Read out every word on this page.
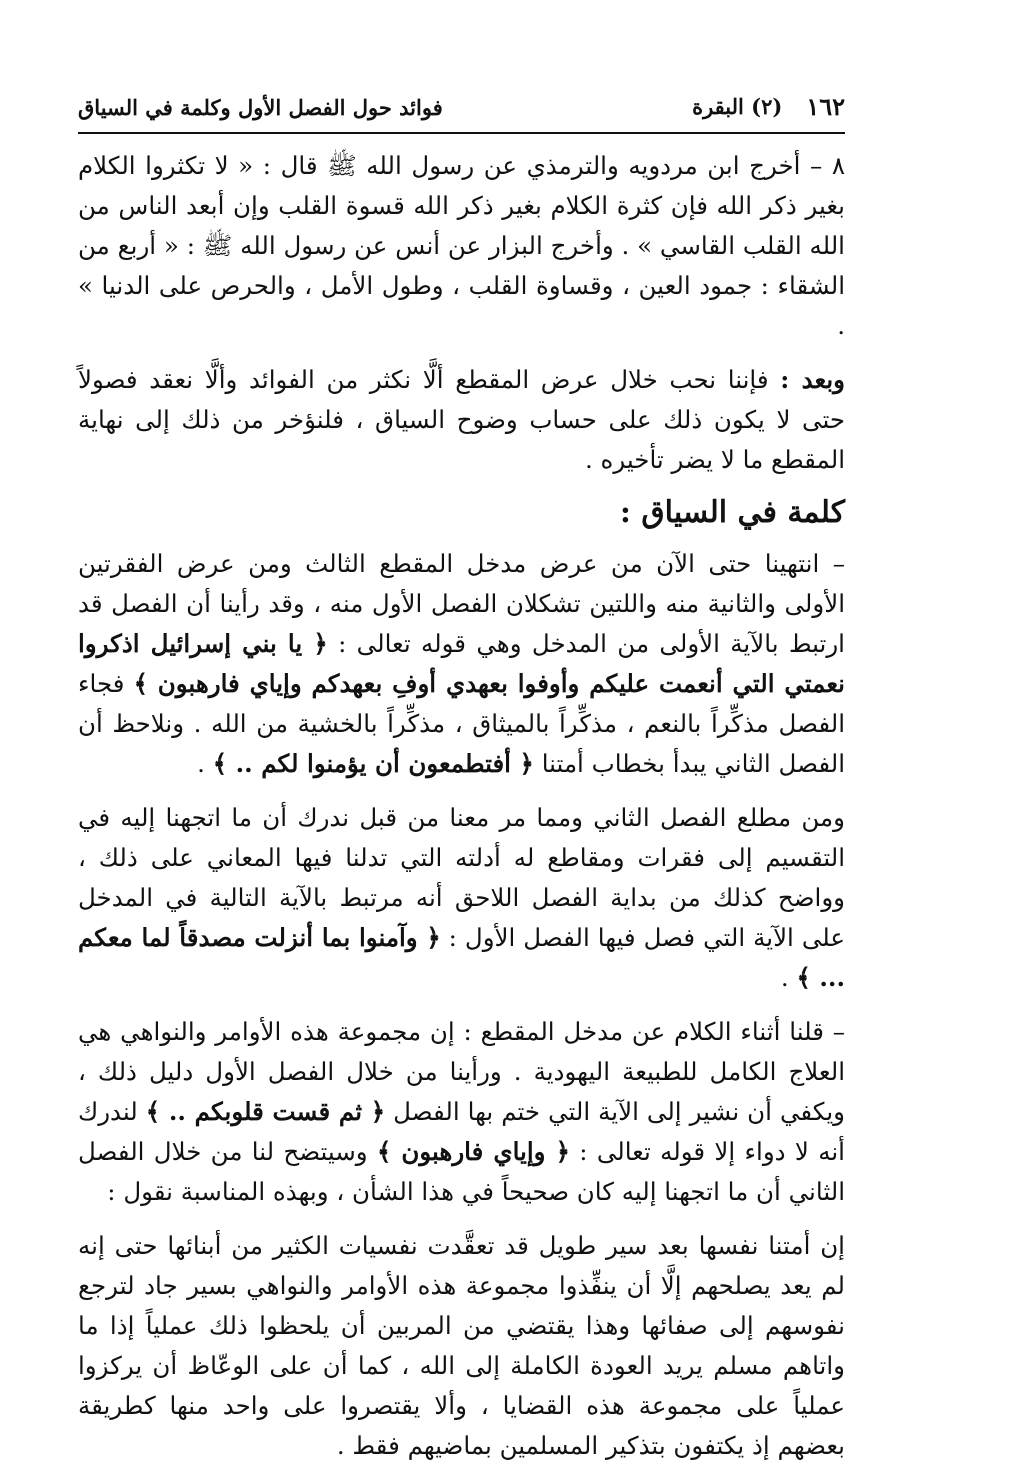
١٦٢
(٢) البقرة
فوائد حول الفصل الأول وكلمة في السياق

٨ – أخرج ابن مردويه والترمذي عن رسول الله ﷺ قال : « لا تكثروا الكلام بغير ذكر الله فإن كثرة الكلام بغير ذكر الله قسوة القلب وإن أبعد الناس من الله القلب القاسي » . وأخرج البزار عن أنس عن رسول الله ﷺ : « أربع من الشقاء : جمود العين ، وقساوة القلب ، وطول الأمل ، والحرص على الدنيا » .

وبعد : فإننا نحب خلال عرض المقطع ألَّا نكثر من الفوائد وألَّا نعقد فصولاً حتى لا يكون ذلك على حساب وضوح السياق ، فلنؤخر من ذلك إلى نهاية المقطع ما لا يضر تأخيره .

كلمة في السياق :

– انتهينا حتى الآن من عرض مدخل المقطع الثالث ومن عرض الفقرتين الأولى والثانية منه واللتين تشكلان الفصل الأول منه ، وقد رأينا أن الفصل قد ارتبط بالآية الأولى من المدخل وهي قوله تعالى : ﴿ يا بني إسرائيل اذكروا نعمتي التي أنعمت عليكم وأوفوا بعهدي أوفِ بعهدكم وإياي فارهبون ﴾ فجاء الفصل مذكِّراً بالنعم ، مذكِّراً بالميثاق ، مذكِّراً بالخشية من الله . ونلاحظ أن الفصل الثاني يبدأ بخطاب أمتنا ﴿ أفتطمعون أن يؤمنوا لكم .. ﴾ .

ومن مطلع الفصل الثاني ومما مر معنا من قبل ندرك أن ما اتجهنا إليه في التقسيم إلى فقرات ومقاطع له أدلته التي تدلنا فيها المعاني على ذلك ، وواضح كذلك من بداية الفصل اللاحق أنه مرتبط بالآية التالية في المدخل على الآية التي فصل فيها الفصل الأول : ﴿ وآمنوا بما أنزلت مصدقاً لما معكم ... ﴾ .

– قلنا أثناء الكلام عن مدخل المقطع : إن مجموعة هذه الأوامر والنواهي هي العلاج الكامل للطبيعة اليهودية . ورأينا من خلال الفصل الأول دليل ذلك ، ويكفي أن نشير إلى الآية التي ختم بها الفصل ﴿ ثم قست قلوبكم .. ﴾ لندرك أنه لا دواء إلا قوله تعالى : ﴿ وإياي فارهبون ﴾ وسيتضح لنا من خلال الفصل الثاني أن ما اتجهنا إليه كان صحيحاً في هذا الشأن ، وبهذه المناسبة نقول :

إن أمتنا نفسها بعد سير طويل قد تعقَّدت نفسيات الكثير من أبنائها حتى إنه لم يعد يصلحهم إلَّا أن ينفِّذوا مجموعة هذه الأوامر والنواهي بسير جاد لترجع نفوسهم إلى صفائها وهذا يقتضي من المربين أن يلحظوا ذلك عملياً إذا ما واتاهم مسلم يريد العودة الكاملة إلى الله ، كما أن على الوعّاظ أن يركزوا عملياً على مجموعة هذه القضايا ، وألا يقتصروا على واحد منها كطريقة بعضهم إذ يكتفون بتذكير المسلمين بماضيهم فقط .
